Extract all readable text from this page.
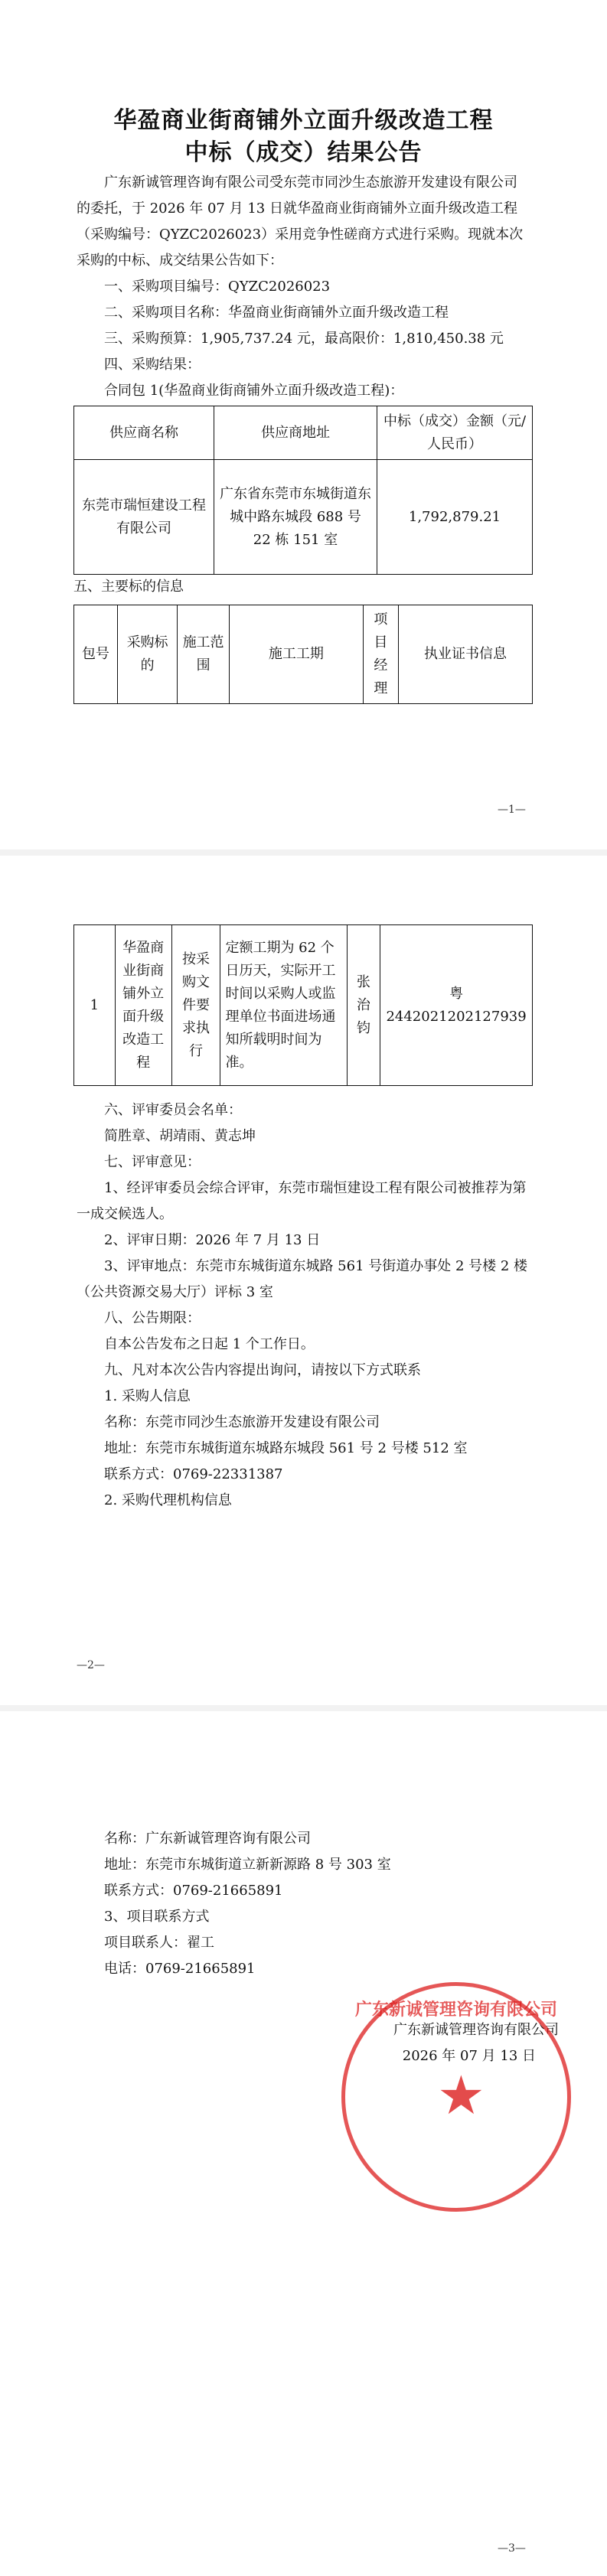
华盈商业街商铺外立面升级改造工程
中标（成交）结果公告
广东新诚管理咨询有限公司受东莞市同沙生态旅游开发建设有限公司的委托，于 2026 年 07 月 13 日就华盈商业街商铺外立面升级改造工程（采购编号：QYZC2026023）采用竞争性磋商方式进行采购。现就本次采购的中标、成交结果公告如下：
一、采购项目编号：QYZC2026023
二、采购项目名称：华盈商业街商铺外立面升级改造工程
三、采购预算：1,905,737.24 元，最高限价：1,810,450.38 元
四、采购结果：
合同包 1(华盈商业街商铺外立面升级改造工程)：
供应商名称	供应商地址	中标（成交）金额（元/人民币）
东莞市瑞恒建设工程有限公司	广东省东莞市东城街道东城中路东城段 688 号 22 栋 151 室	1,792,879.21
五、主要标的信息
包号	采购标的	施工范围	施工工期	项目经理	执业证书信息
—1—
1	华盈商业街商铺外立面升级改造工程	按采购文件要求执行	定额工期为 62 个日历天，实际开工时间以采购人或监理单位书面进场通知所载明时间为准。	张治钧	粤 2442021202127939
六、评审委员会名单：
简胜章、胡靖雨、黄志坤
七、评审意见：
1、经评审委员会综合评审，东莞市瑞恒建设工程有限公司被推荐为第一成交候选人。
2、评审日期：2026 年 7 月 13 日
3、评审地点：东莞市东城街道东城路 561 号街道办事处 2 号楼 2 楼（公共资源交易大厅）评标 3 室
八、公告期限：
自本公告发布之日起 1 个工作日。
九、凡对本次公告内容提出询问，请按以下方式联系
1. 采购人信息
名称：东莞市同沙生态旅游开发建设有限公司
地址：东莞市东城街道东城路东城段 561 号 2 号楼 512 室
联系方式：0769-22331387
2. 采购代理机构信息
—2—
名称：广东新诚管理咨询有限公司
地址：东莞市东城街道立新新源路 8 号 303 室
联系方式：0769-21665891
3、项目联系方式
项目联系人：翟工
电话：0769-21665891
广东新诚管理咨询有限公司
2026 年 07 月 13 日
—3—
广东新诚管理咨询有限公司
★
